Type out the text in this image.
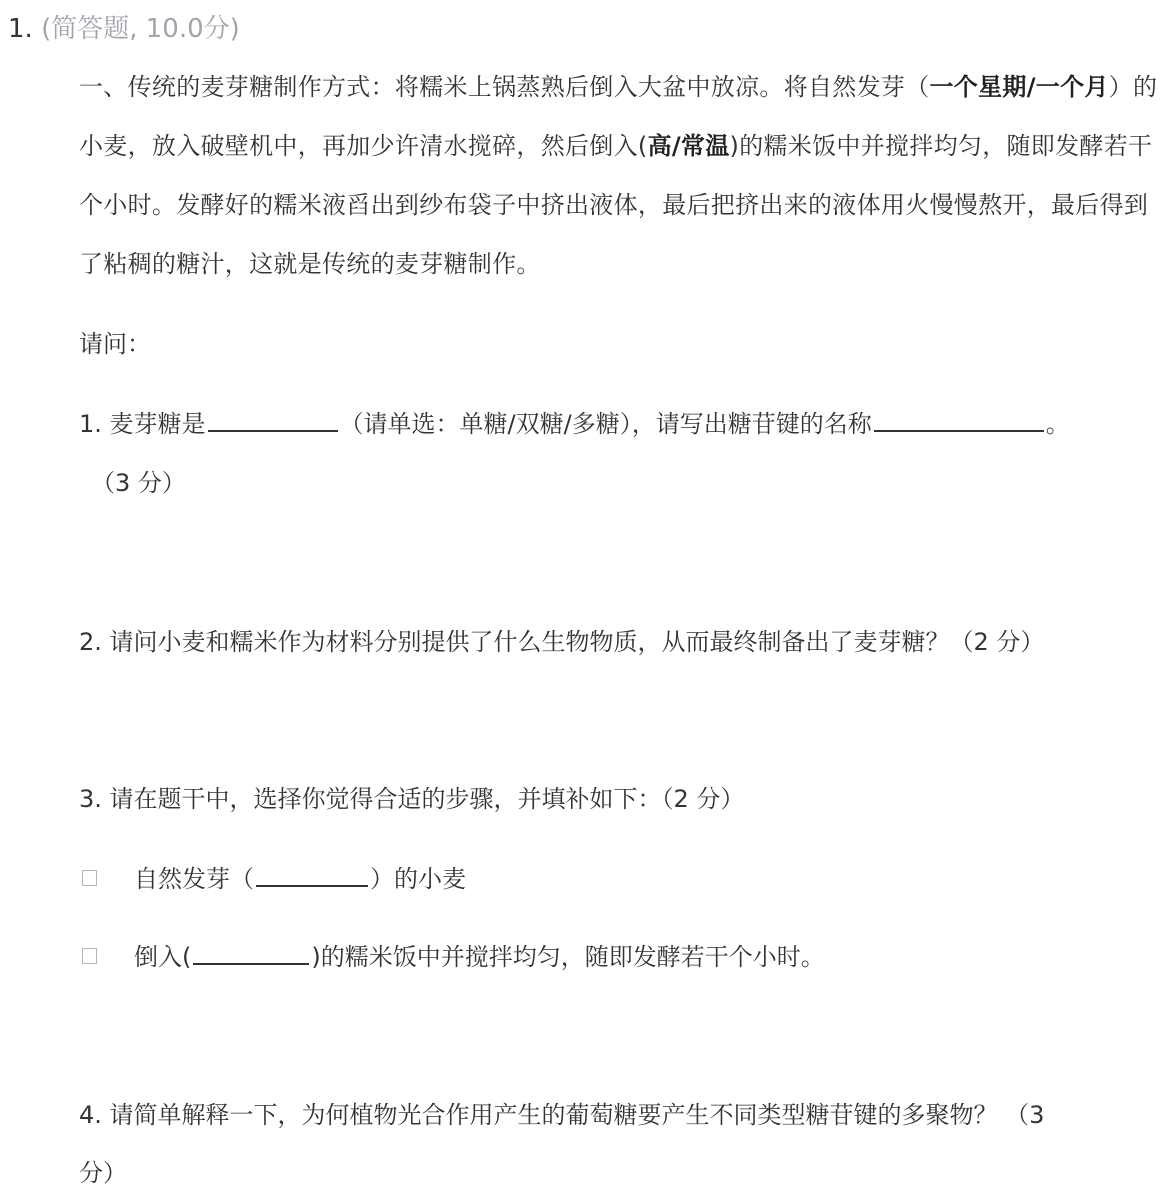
1. (简答题, 10.0分)
一、传统的麦芽糖制作方式：将糯米上锅蒸熟后倒入大盆中放凉。将自然发芽（一个星期/一个月）的小麦，放入破壁机中，再加少许清水搅碎，然后倒入(高/常温)的糯米饭中并搅拌均匀，随即发酵若干个小时。发酵好的糯米液舀出到纱布袋子中挤出液体，最后把挤出来的液体用火慢慢熬开，最后得到了粘稠的糖汁，这就是传统的麦芽糖制作。
请问：
1. 麦芽糖是	（请单选：单糖/双糖/多糖），请写出糖苷键的名称	。
（3 分）
2. 请问小麦和糯米作为材料分别提供了什么生物物质，从而最终制备出了麦芽糖？（2 分）
3. 请在题干中，选择你觉得合适的步骤，并填补如下：（2 分）
自然发芽（	）的小麦
倒入(	)的糯米饭中并搅拌均匀，随即发酵若干个小时。
4. 请简单解释一下，为何植物光合作用产生的葡萄糖要产生不同类型糖苷键的多聚物？ （3
分）
